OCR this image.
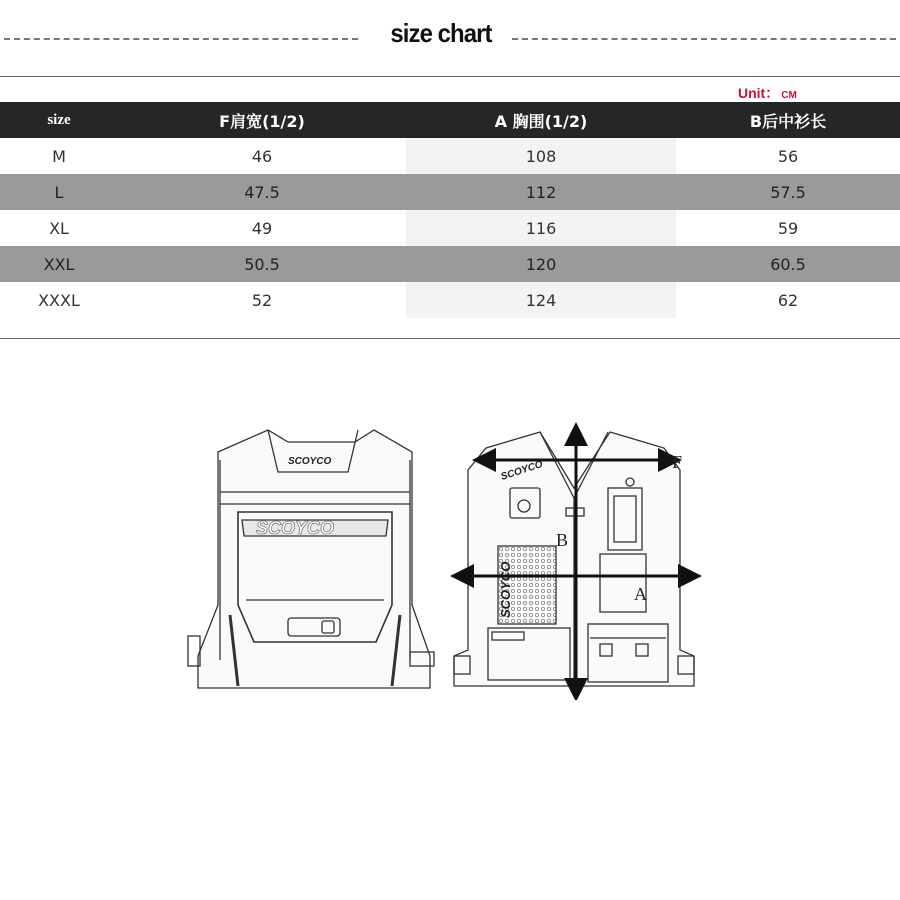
size chart
Unit： CM
size	F肩宽(1/2)	A 胸围(1/2)	B后中衫长
M	46	108	56
L	47.5	112	57.5
XL	49	116	59
XXL	50.5	120	60.5
XXXL	52	124	62
SCOYCO
SCOYCO
SCOYCO
SCOYCO
F
B
A
